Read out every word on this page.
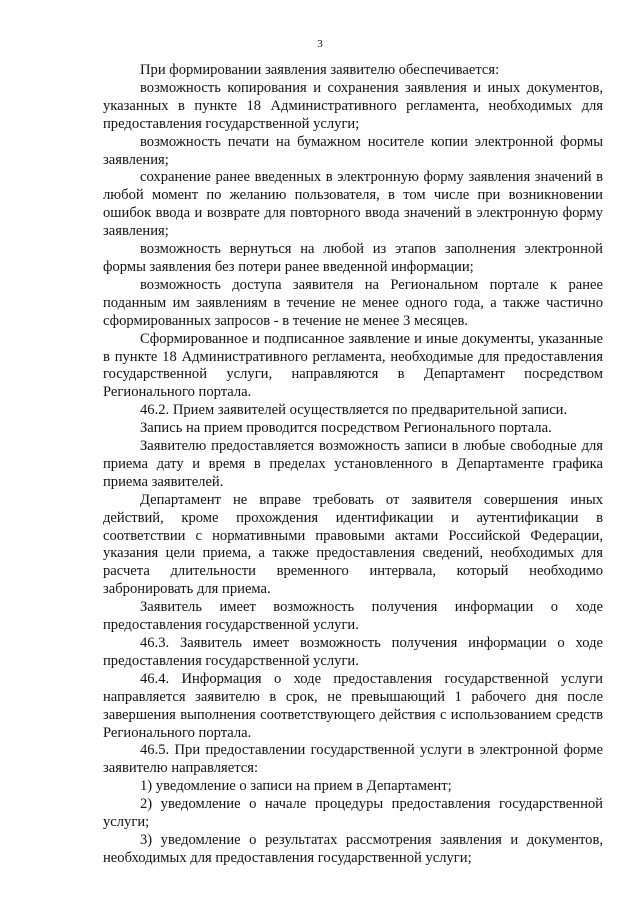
3

При формировании заявления заявителю обеспечивается:

возможность копирования и сохранения заявления и иных документов, указанных в пункте 18 Административного регламента, необходимых для предоставления государственной услуги;

возможность печати на бумажном носителе копии электронной формы заявления;

сохранение ранее введенных в электронную форму заявления значений в любой момент по желанию пользователя, в том числе при возникновении ошибок ввода и возврате для повторного ввода значений в электронную форму заявления;

возможность вернуться на любой из этапов заполнения электронной формы заявления без потери ранее введенной информации;

возможность доступа заявителя на Региональном портале к ранее поданным им заявлениям в течение не менее одного года, а также частично сформированных запросов - в течение не менее 3 месяцев.

Сформированное и подписанное заявление и иные документы, указанные в пункте 18 Административного регламента, необходимые для предоставления государственной услуги, направляются в Департамент посредством Регионального портала.

46.2. Прием заявителей осуществляется по предварительной записи.

Запись на прием проводится посредством Регионального портала.

Заявителю предоставляется возможность записи в любые свободные для приема дату и время в пределах установленного в Департаменте графика приема заявителей.

Департамент не вправе требовать от заявителя совершения иных действий, кроме прохождения идентификации и аутентификации в соответствии с нормативными правовыми актами Российской Федерации, указания цели приема, а также предоставления сведений, необходимых для расчета длительности временного интервала, который необходимо забронировать для приема.

Заявитель имеет возможность получения информации о ходе предоставления государственной услуги.

46.3. Заявитель имеет возможность получения информации о ходе предоставления государственной услуги.

46.4. Информация о ходе предоставления государственной услуги направляется заявителю в срок, не превышающий 1 рабочего дня после завершения выполнения соответствующего действия с использованием средств Регионального портала.

46.5. При предоставлении государственной услуги в электронной форме заявителю направляется:

1) уведомление о записи на прием в Департамент;

2) уведомление о начале процедуры предоставления государственной услуги;

3) уведомление о результатах рассмотрения заявления и документов, необходимых для предоставления государственной услуги;
